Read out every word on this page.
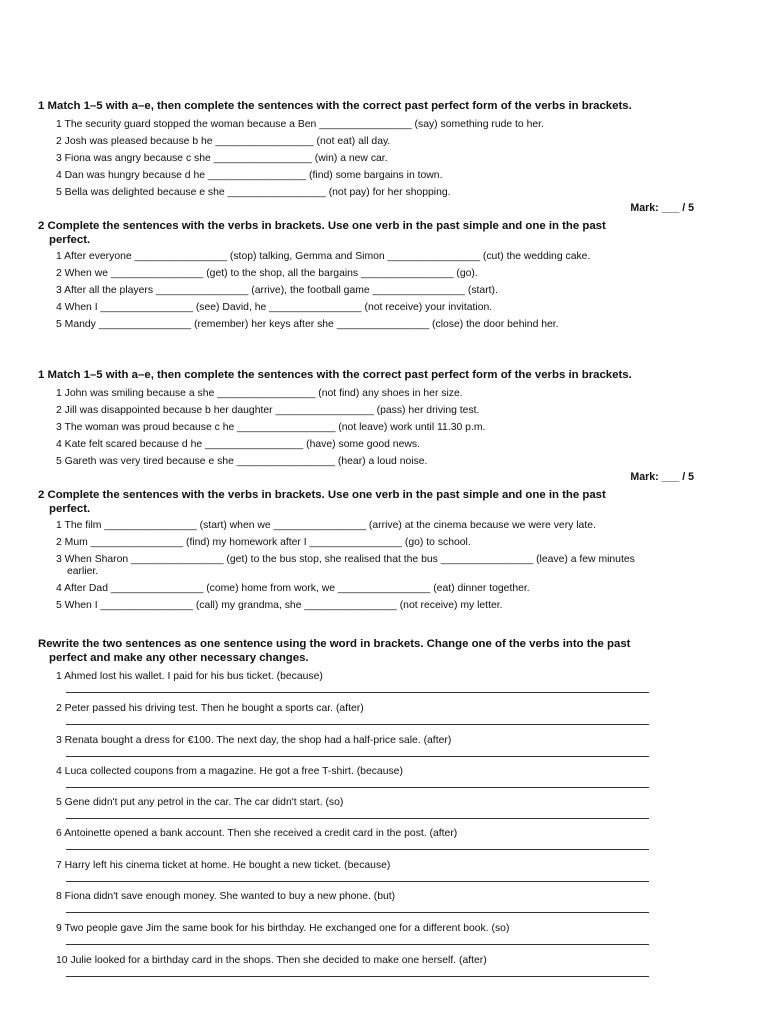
1 Match 1–5 with a–e, then complete the sentences with the correct past perfect form of the verbs in brackets.
1 The security guard stopped the woman because a Ben ________________ (say) something rude to her.
2 Josh was pleased because b he _________________ (not eat) all day.
3 Fiona was angry because c she _________________ (win) a new car.
4 Dan was hungry because d he _________________ (find) some bargains in town.
5 Bella was delighted because e she _________________ (not pay) for her shopping.
Mark: ___ / 5
2 Complete the sentences with the verbs in brackets. Use one verb in the past simple and one in the past
perfect.
1 After everyone ________________ (stop) talking, Gemma and Simon ________________ (cut) the wedding cake.
2 When we ________________ (get) to the shop, all the bargains ________________ (go).
3 After all the players ________________ (arrive), the football game ________________ (start).
4 When I ________________ (see) David, he ________________ (not receive) your invitation.
5 Mandy ________________ (remember) her keys after she ________________ (close) the door behind her.
1 Match 1–5 with a–e, then complete the sentences with the correct past perfect form of the verbs in brackets.
1 John was smiling because a she _________________ (not find) any shoes in her size.
2 Jill was disappointed because b her daughter _________________ (pass) her driving test.
3 The woman was proud because c he _________________ (not leave) work until 11.30 p.m.
4 Kate felt scared because d he _________________ (have) some good news.
5 Gareth was very tired because e she _________________ (hear) a loud noise.
Mark: ___ / 5
2 Complete the sentences with the verbs in brackets. Use one verb in the past simple and one in the past
perfect.
1 The film ________________ (start) when we ________________ (arrive) at the cinema because we were very late.
2 Mum ________________ (find) my homework after I ________________ (go) to school.
3 When Sharon ________________ (get) to the bus stop, she realised that the bus ________________ (leave) a few minutes
earlier.
4 After Dad ________________ (come) home from work, we ________________ (eat) dinner together.
5 When I ________________ (call) my grandma, she ________________ (not receive) my letter.
Rewrite the two sentences as one sentence using the word in brackets. Change one of the verbs into the past
perfect and make any other necessary changes.
1 Ahmed lost his wallet. I paid for his bus ticket. (because)
2 Peter passed his driving test. Then he bought a sports car. (after)
3 Renata bought a dress for €100. The next day, the shop had a half-price sale. (after)
4 Luca collected coupons from a magazine. He got a free T-shirt. (because)
5 Gene didn't put any petrol in the car. The car didn't start. (so)
6 Antoinette opened a bank account. Then she received a credit card in the post. (after)
7 Harry left his cinema ticket at home. He bought a new ticket. (because)
8 Fiona didn't save enough money. She wanted to buy a new phone. (but)
9 Two people gave Jim the same book for his birthday. He exchanged one for a different book. (so)
10 Julie looked for a birthday card in the shops. Then she decided to make one herself. (after)
